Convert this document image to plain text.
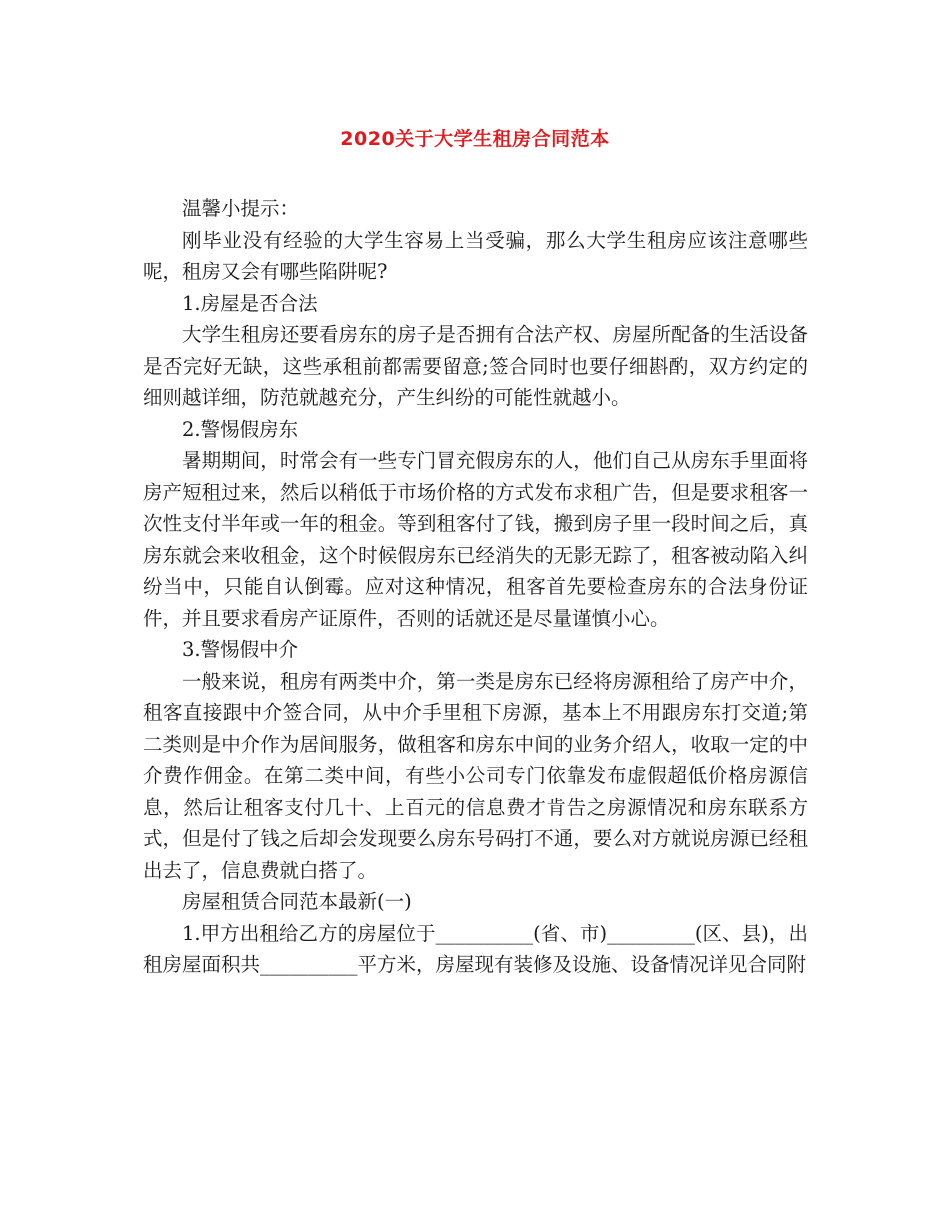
2020关于大学生租房合同范本

温馨小提示：

刚毕业没有经验的大学生容易上当受骗，那么大学生租房应该注意哪些呢，租房又会有哪些陷阱呢?

1.房屋是否合法

大学生租房还要看房东的房子是否拥有合法产权、房屋所配备的生活设备是否完好无缺，这些承租前都需要留意;签合同时也要仔细斟酌，双方约定的细则越详细，防范就越充分，产生纠纷的可能性就越小。

2.警惕假房东

暑期期间，时常会有一些专门冒充假房东的人，他们自己从房东手里面将房产短租过来，然后以稍低于市场价格的方式发布求租广告，但是要求租客一次性支付半年或一年的租金。等到租客付了钱，搬到房子里一段时间之后，真房东就会来收租金，这个时候假房东已经消失的无影无踪了，租客被动陷入纠纷当中，只能自认倒霉。应对这种情况，租客首先要检查房东的合法身份证件，并且要求看房产证原件，否则的话就还是尽量谨慎小心。

3.警惕假中介

一般来说，租房有两类中介，第一类是房东已经将房源租给了房产中介，租客直接跟中介签合同，从中介手里租下房源，基本上不用跟房东打交道;第二类则是中介作为居间服务，做租客和房东中间的业务介绍人，收取一定的中介费作佣金。在第二类中间，有些小公司专门依靠发布虚假超低价格房源信息，然后让租客支付几十、上百元的信息费才肯告之房源情况和房东联系方式，但是付了钱之后却会发现要么房东号码打不通，要么对方就说房源已经租出去了，信息费就白搭了。

房屋租赁合同范本最新(一)

1.甲方出租给乙方的房屋位于__________(省、市)_________(区、县)，出租房屋面积共__________平方米，房屋现有装修及设施、设备情况详见合同附
